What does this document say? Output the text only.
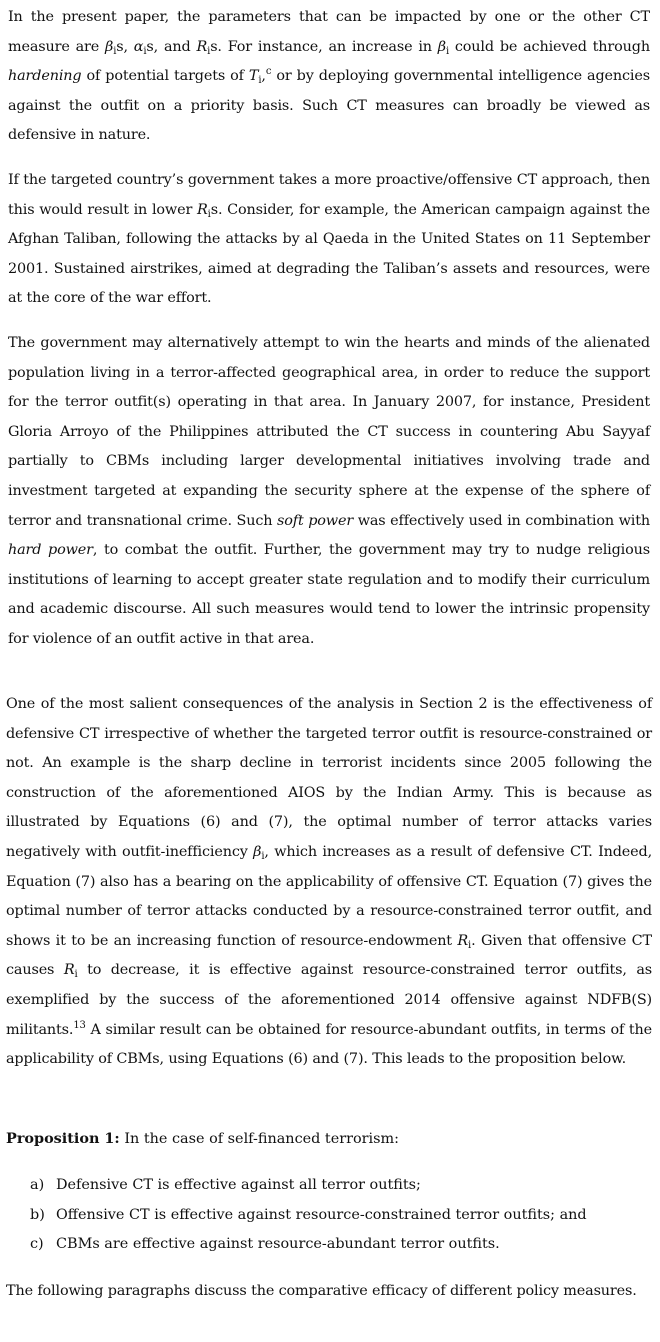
In the present paper, the parameters that can be impacted by one or the other CT measure are $\beta_is$, $\alpha_is$, and $R_is$. For instance, an increase in $\beta_i$ could be achieved through hardening of potential targets of $T_i,^c$ or by deploying governmental intelligence agencies against the outfit on a priority basis. Such CT measures can broadly be viewed as defensive in nature.

If the targeted country’s government takes a more proactive/offensive CT approach, then this would result in lower $R_is$. Consider, for example, the American campaign against the Afghan Taliban, following the attacks by al Qaeda in the United States on 11 September 2001. Sustained airstrikes, aimed at degrading the Taliban’s assets and resources, were at the core of the war effort.

The government may alternatively attempt to win the hearts and minds of the alienated population living in a terror-affected geographical area, in order to reduce the support for the terror outfit(s) operating in that area. In January 2007, for instance, President Gloria Arroyo of the Philippines attributed the CT success in countering Abu Sayyaf partially to CBMs including larger developmental initiatives involving trade and investment targeted at expanding the security sphere at the expense of the sphere of terror and transnational crime. Such soft power was effectively used in combination with hard power, to combat the outfit. Further, the government may try to nudge religious institutions of learning to accept greater state regulation and to modify their curriculum and academic discourse. All such measures would tend to lower the intrinsic propensity for violence of an outfit active in that area.

One of the most salient consequences of the analysis in Section 2 is the effectiveness of defensive CT irrespective of whether the targeted terror outfit is resource-constrained or not. An example is the sharp decline in terrorist incidents since 2005 following the construction of the aforementioned AIOS by the Indian Army. This is because as illustrated by Equations (6) and (7), the optimal number of terror attacks varies negatively with outfit-inefficiency $\beta_i$, which increases as a result of defensive CT. Indeed, Equation (7) also has a bearing on the applicability of offensive CT. Equation (7) gives the optimal number of terror attacks conducted by a resource-constrained terror outfit, and shows it to be an increasing function of resource-endowment $R_i$. Given that offensive CT causes $R_i$ to decrease, it is effective against resource-constrained terror outfits, as exemplified by the success of the aforementioned 2014 offensive against NDFB(S) militants.$^{13}$ A similar result can be obtained for resource-abundant outfits, in terms of the applicability of CBMs, using Equations (6) and (7). This leads to the proposition below.

Proposition 1: In the case of self-financed terrorism:

a) Defensive CT is effective against all terror outfits;
b) Offensive CT is effective against resource-constrained terror outfits; and
c) CBMs are effective against resource-abundant terror outfits.

The following paragraphs discuss the comparative efficacy of different policy measures.
